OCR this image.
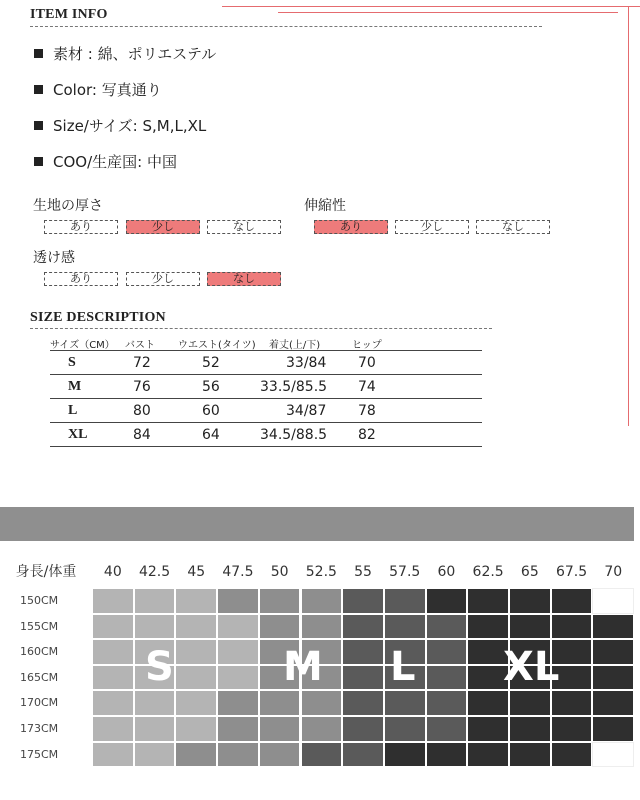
ITEM INFO
素材 : 綿、ポリエステル
Color: 写真通り
Size/サイズ: S,M,L,XL
COO/生産国: 中国
生地の厚さ
あり	少し	なし
伸縮性
あり	少し	なし
透け感
あり	少し	なし
SIZE DESCRIPTION
サイズ（CM） バスト ウエスト(タイツ) 着丈(上/下)	ヒップ
S	72	52	33/84 70
M	76	56	33.5/85.5 74
L	80	60	34/87 78
XL	84	64	34.5/88.5 82
身長/体重	40	42.5	45	47.5	50	52.5	55	57.5	60	62.5	65	67.5	70
150CM
155CM
160CM
165CM
170CM
173CM
175CM
S	M L XL
